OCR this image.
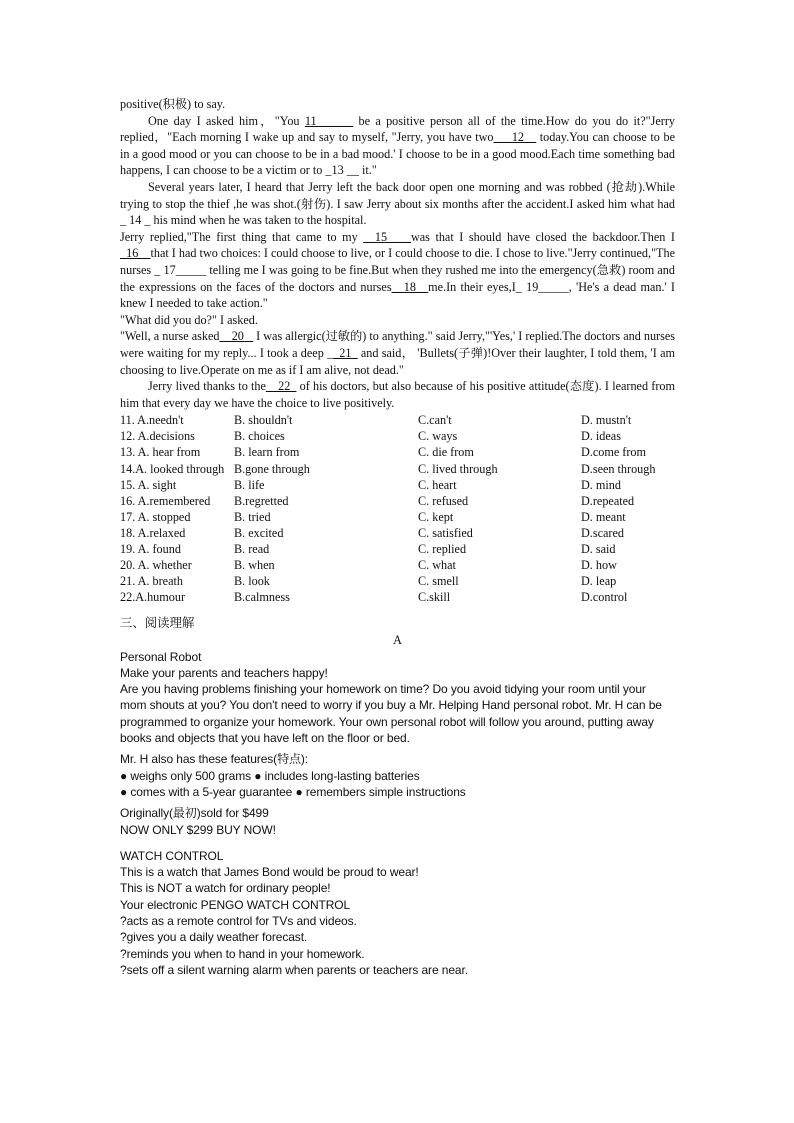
positive(积极) to say.

One day I asked him，"You 11______ be a positive person all of the time.How do you do it?"Jerry replied，"Each morning I wake up and say to myself, "Jerry, you have two___12__ today.You can choose to be in a good mood or you can choose to be in a bad mood.' I choose to be in a good mood.Each time something bad happens, I can choose to be a victim or to _13 __ it."

Several years later, I heard that Jerry left the back door open one morning and was robbed (抢劫).While trying to stop the thief ,he was shot.(射伤). I saw Jerry about six months after the accident.I asked him what had _ 14 _ his mind when he was taken to the hospital.

Jerry replied,"The first thing that came to my _ 15 ___was that I should have closed the backdoor.Then I _16__that I had two choices: I could choose to live, or I could choose to die. I chose to live."Jerry continued,"The nurses _ 17_____ telling me I was going to be fine.But when they rushed me into the emergency(急救) room and the expressions on the faces of the doctors and nurses__18__me.In their eyes,I_ 19_____, 'He's a dead man.' I knew I needed to take action."

"What did you do?" I asked.

"Well, a nurse asked__20 _ I was allergic(过敏的) to anything." said Jerry,"'Yes,' I replied.The doctors and nurses were waiting for my reply... I took a deep __21_ and said， 'Bullets(子弹)!Over their laughter, I told them, 'I am choosing to live.Operate on me as if I am alive, not dead."

Jerry lived thanks to the__22_ of his doctors, but also because of his positive attitude(态度). I learned from him that every day we have the choice to live positively.

11. A.needn't	B. shouldn't	C.can't	D. mustn't
12. A.decisions	B. choices	C. ways	D. ideas
13. A. hear from	B. learn from	C. die from	D.come from
14.A. looked through B.gone through	C. lived through	D.seen through
15. A. sight	B. life	C. heart	D. mind
16. A.remembered	B.regretted	C. refused	D.repeated
17. A. stopped	B. tried	C. kept	D. meant
18. A.relaxed	B. excited	C. satisfied	D.scared
19. A. found	B. read	C. replied	D. said
20. A. whether	B. when	C. what	D. how
21. A. breath	B. look	C. smell	D. leap
22.A.humour	B.calmness	C.skill	D.control
三、阅读理解
A

Personal Robot

Make your parents and teachers happy!

Are you having problems finishing your homework on time? Do you avoid tidying your room until your mom shouts at you? You don't need to worry if you buy a Mr. Helping Hand personal robot. Mr. H can be programmed to organize your homework. Your own personal robot will follow you around, putting away books and objects that you have left on the floor or bed.

Mr. H also has these features(特点):

● weighs only 500 grams ● includes long-lasting batteries

● comes with a 5-year guarantee ● remembers simple instructions

Originally(最初)sold for $499

NOW ONLY $299 BUY NOW!

WATCH CONTROL

This is a watch that James Bond would be proud to wear!

This is NOT a watch for ordinary people!

Your electronic PENGO WATCH CONTROL

?acts as a remote control for TVs and videos.

?gives you a daily weather forecast.

?reminds you when to hand in your homework.

?sets off a silent warning alarm when parents or teachers are near.
